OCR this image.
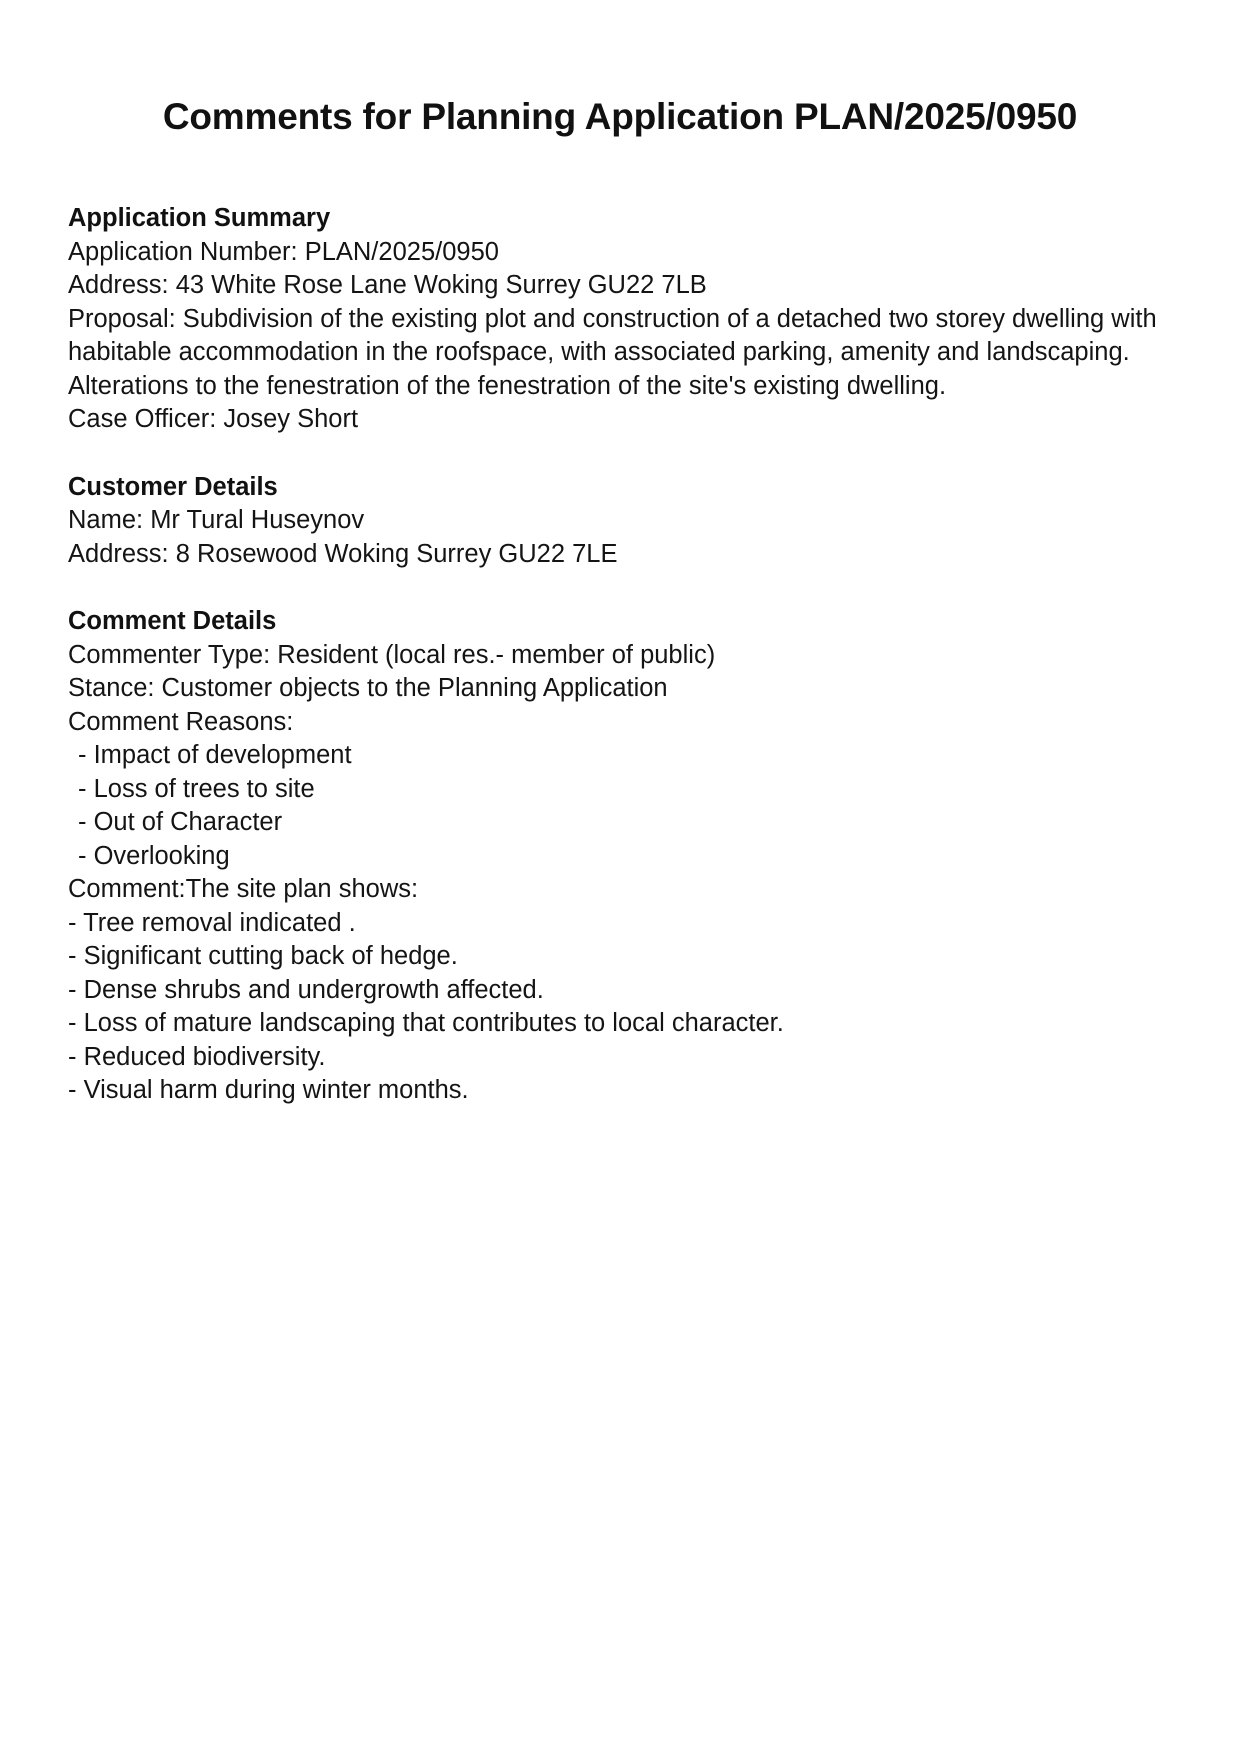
Comments for Planning Application PLAN/2025/0950

Application Summary

Application Number: PLAN/2025/0950

Address: 43 White Rose Lane Woking Surrey GU22 7LB

Proposal: Subdivision of the existing plot and construction of a detached two storey dwelling with habitable accommodation in the roofspace, with associated parking, amenity and landscaping. Alterations to the fenestration of the fenestration of the site's existing dwelling.

Case Officer: Josey Short

Customer Details

Name: Mr Tural Huseynov

Address: 8 Rosewood Woking Surrey GU22 7LE

Comment Details

Commenter Type: Resident (local res.- member of public)

Stance: Customer objects to the Planning Application

Comment Reasons:

- Impact of development

- Loss of trees to site

- Out of Character

- Overlooking

Comment:The site plan shows:

- Tree removal indicated .

- Significant cutting back of hedge.

- Dense shrubs and undergrowth affected.

- Loss of mature landscaping that contributes to local character.

- Reduced biodiversity.

- Visual harm during winter months.
